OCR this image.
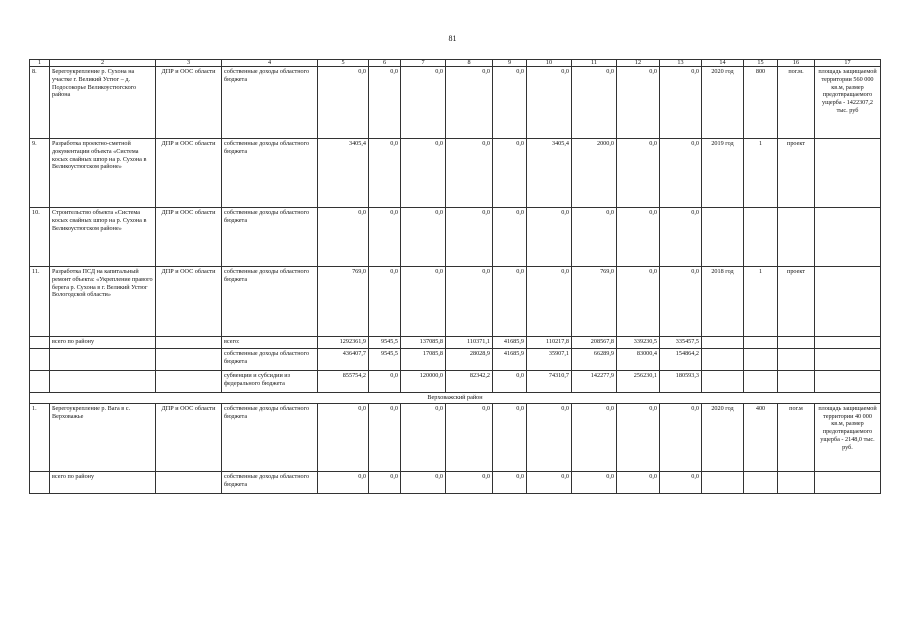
81
1	2	3	4	5	6	7	8	9	10	11	12	13	14	15	16	17
8.	Берегоукрепление р. Сухона на участке г. Великий Устюг – д. Подосокорье Великоустюгского района	ДПР и ООС области	собственные доходы областного бюджета	0,0	0,0	0,0	0,0	0,0	0,0	0,0	0,0	0,0	2020 год	800	пог.м.	площадь защищаемой территории 560 000 кв.м, размер предотвращаемого ущерба - 1422307,2 тыс. руб
9.	Разработка проектно-сметной документации объекта «Система косых свайных шпор на р. Сухона в Великоустюгском районе»	ДПР и ООС области	собственные доходы областного бюджета	3405,4	0,0	0,0	0,0	0,0	3405,4	2000,0	0,0	0,0	2019 год	1	проект	
10.	Строительство объекта «Система косых свайных шпор на р. Сухона в Великоустюгском районе»	ДПР и ООС области	собственные доходы областного бюджета	0,0	0,0	0,0	0,0	0,0	0,0	0,0	0,0	0,0				
11.	Разработка ПСД на капитальный ремонт объекта: «Укрепление правого берега р. Сухона в г. Великий Устюг Вологодской области»	ДПР и ООС области	собственные доходы областного бюджета	769,0	0,0	0,0	0,0	0,0	0,0	769,0	0,0	0,0	2018 год	1	проект	
	всего по району		всего:	1292361,9	9545,5	137085,8	110371,1	41685,9	110217,8	208567,8	339230,5	335457,5				
			собственные доходы областного бюджета	436407,7	9545,5	17085,8	28028,9	41685,9	35907,1	66289,9	83000,4	154864,2				
			субвенции и субсидии из федерального бюджета	855754,2	0,0	120000,0	82342,2	0,0	74310,7	142277,9	256230,1	180593,3				
Верховажский район																
1.	Берегоукрепление р. Вага в с. Верховажье	ДПР и ООС области	собственные доходы областного бюджета	0,0	0,0	0,0	0,0	0,0	0,0	0,0	0,0	0,0	2020 год	400	пог.м	площадь защищаемой территории 40 000 кв.м, размер предотвращаемого ущерба - 2148,0 тыс. руб.
	всего по району		собственные доходы областного бюджета	0,0	0,0	0,0	0,0	0,0	0,0	0,0	0,0	0,0				
